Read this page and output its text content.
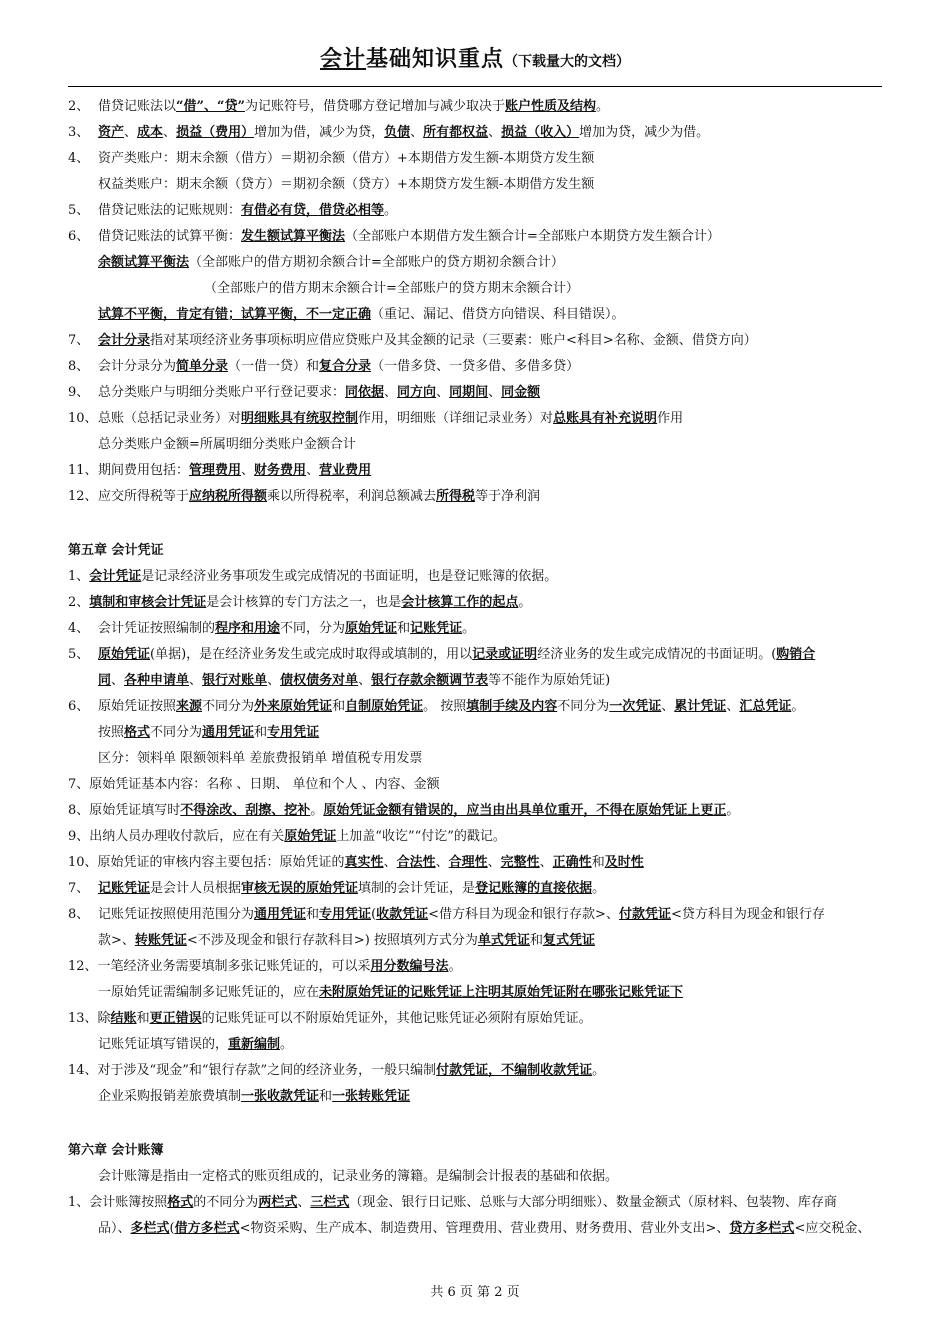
会计基础知识重点（下载量大的文档）
2、 借贷记账法以“借”、“贷”为记账符号，借贷哪方登记增加与减少取决于账户性质及结构。
3、 资产、成本、损益（费用）增加为借，减少为贷，负债、所有都权益、损益（收入）增加为贷，减少为借。
4、 资产类账户：期末余额（借方）＝期初余额（借方）+本期借方发生额-本期贷方发生额
权益类账户：期末余额（贷方）＝期初余额（贷方）+本期贷方发生额-本期借方发生额
5、 借贷记账法的记账规则：有借必有贷，借贷必相等。
6、 借贷记账法的试算平衡：发生额试算平衡法（全部账户本期借方发生额合计=全部账户本期贷方发生额合计）
余额试算平衡法（全部账户的借方期初余额合计=全部账户的贷方期初余额合计）
（全部账户的借方期末余额合计=全部账户的贷方期末余额合计）
试算不平衡，肯定有错；试算平衡，不一定正确（重记、漏记、借贷方向错误、科目错误）。
7、 会计分录指对某项经济业务事项标明应借应贷账户及其金额的记录（三要素：账户<科目>名称、金额、借贷方向）
8、 会计分录分为简单分录（一借一贷）和复合分录（一借多贷、一贷多借、多借多贷）
9、 总分类账户与明细分类账户平行登记要求：同依据、同方向、同期间、同金额
10、 总账（总括记录业务）对明细账具有统驭控制作用，明细账（详细记录业务）对总账具有补充说明作用
总分类账户金额=所属明细分类账户金额合计
11、 期间费用包括：管理费用、财务费用、营业费用
12、 应交所得税等于应纳税所得额乘以所得税率，利润总额减去所得税等于净利润
第五章 会计凭证
1、会计凭证是记录经济业务事项发生或完成情况的书面证明，也是登记账簿的依据。
2、填制和审核会计凭证是会计核算的专门方法之一，也是会计核算工作的起点。
4、 会计凭证按照编制的程序和用途不同，分为原始凭证和记账凭证。
5、 原始凭证(单据)，是在经济业务发生或完成时取得或填制的，用以记录或证明经济业务的发生或完成情况的书面证明。(购销合
同、各种申请单、银行对账单、债权债务对单、银行存款余额调节表等不能作为原始凭证)
6、 原始凭证按照来源不同分为外来原始凭证和自制原始凭证。 按照填制手续及内容不同分为一次凭证、累计凭证、汇总凭证。
按照格式不同分为通用凭证和专用凭证
区分：领料单 限额领料单 差旅费报销单 增值税专用发票
7、原始凭证基本内容：名称 、日期、 单位和个人 、内容、金额
8、原始凭证填写时不得涂改、刮擦、挖补。原始凭证金额有错误的，应当由出具单位重开，不得在原始凭证上更正。
9、出纳人员办理收付款后，应在有关原始凭证上加盖“收讫”“付讫”的戳记。
10、原始凭证的审核内容主要包括：原始凭证的真实性、合法性、合理性、完整性、正确性和及时性
7、 记账凭证是会计人员根据审核无误的原始凭证填制的会计凭证，是登记账簿的直接依据。
8、 记账凭证按照使用范围分为通用凭证和专用凭证(收款凭证<借方科目为现金和银行存款>、付款凭证<贷方科目为现金和银行存
款>、转账凭证<不涉及现金和银行存款科目>) 按照填列方式分为单式凭证和复式凭证
12、一笔经济业务需要填制多张记账凭证的，可以采用分数编号法。
一原始凭证需编制多记账凭证的，应在未附原始凭证的记账凭证上注明其原始凭证附在哪张记账凭证下
13、除结账和更正错误的记账凭证可以不附原始凭证外，其他记账凭证必须附有原始凭证。
记账凭证填写错误的，重新编制。
14、对于涉及“现金”和“银行存款”之间的经济业务，一般只编制付款凭证，不编制收款凭证。
企业采购报销差旅费填制一张收款凭证和一张转账凭证
第六章 会计账簿
会计账簿是指由一定格式的账页组成的，记录业务的簿籍。是编制会计报表的基础和依据。
1、会计账簿按照格式的不同分为两栏式、三栏式（现金、银行日记账、总账与大部分明细账）、数量金额式（原材料、包装物、库存商
品）、多栏式(借方多栏式<物资采购、生产成本、制造费用、管理费用、营业费用、财务费用、营业外支出>、贷方多栏式<应交税金、
共 6 页 第 2 页
